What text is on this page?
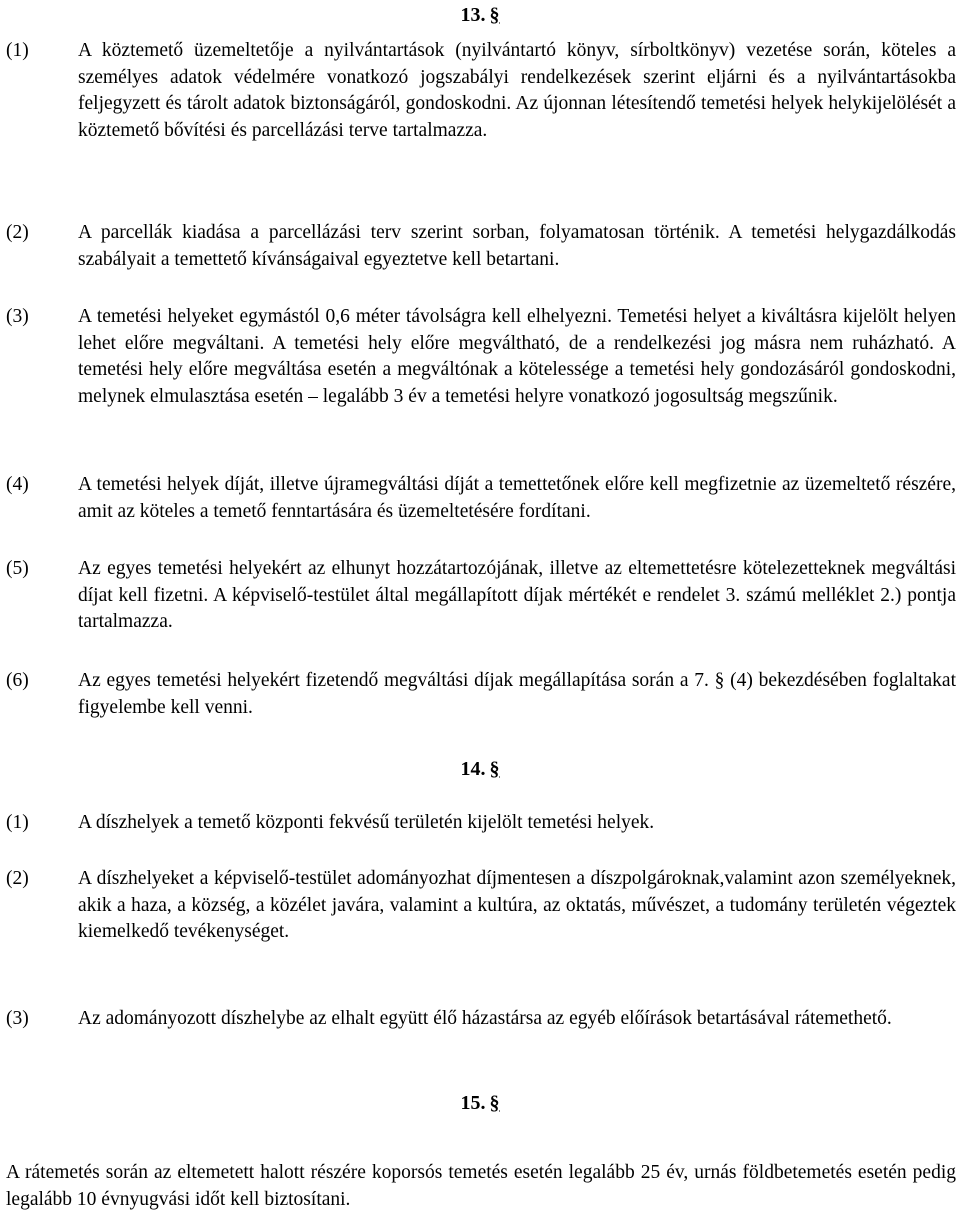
13. §
(1)	A köztemető üzemeltetője a nyilvántartások (nyilvántartó könyv, sírboltkönyv) vezetése során, köteles a személyes adatok védelmére vonatkozó jogszabályi rendelkezések szerint eljárni és a nyilvántartásokba feljegyzett és tárolt adatok biztonságáról, gondoskodni. Az újonnan létesítendő temetési helyek helykijelölését a köztemető bővítési és parcellázási terve tartalmazza.
(2)	A parcellák kiadása a parcellázási terv szerint sorban, folyamatosan történik. A temetési helygazdálkodás szabályait a temettető kívánságaival egyeztetve kell betartani.
(3)	A temetési helyeket egymástól 0,6 méter távolságra kell elhelyezni. Temetési helyet a kiváltásra kijelölt helyen lehet előre megváltani. A temetési hely előre megváltható, de a rendelkezési jog másra nem ruházható. A temetési hely előre megváltása esetén a megváltónak a kötelessége a temetési hely gondozásáról gondoskodni, melynek elmulasztása esetén – legalább 3 év a temetési helyre vonatkozó jogosultság megszűnik.
(4)	A temetési helyek díját, illetve újramegváltási díját a temettetőnek előre kell megfizetnie az üzemeltető részére, amit az köteles a temető fenntartására és üzemeltetésére fordítani.
(5)	Az egyes temetési helyekért az elhunyt hozzátartozójának, illetve az eltemettetésre kötelezetteknek megváltási díjat kell fizetni. A képviselő-testület által megállapított díjak mértékét e rendelet 3. számú melléklet 2.) pontja tartalmazza.
(6)	Az egyes temetési helyekért fizetendő megváltási díjak megállapítása során a 7. § (4) bekezdésében foglaltakat figyelembe kell venni.
14. §
(1)	A díszhelyek a temető központi fekvésű területén kijelölt temetési helyek.
(2)	A díszhelyeket a képviselő-testület adományozhat díjmentesen a díszpolgároknak,valamint azon személyeknek, akik a haza, a község, a közélet javára, valamint a kultúra, az oktatás, művészet, a tudomány területén végeztek kiemelkedő tevékenységet.
(3)	Az adományozott díszhelybe az elhalt együtt élő házastársa az egyéb előírások betartásával rátemethető.
15. §
A rátemetés során az eltemetett halott részére koporsós temetés esetén legalább 25 év, urnás földbetemetés esetén pedig legalább 10 évnyugvási időt kell biztosítani.
